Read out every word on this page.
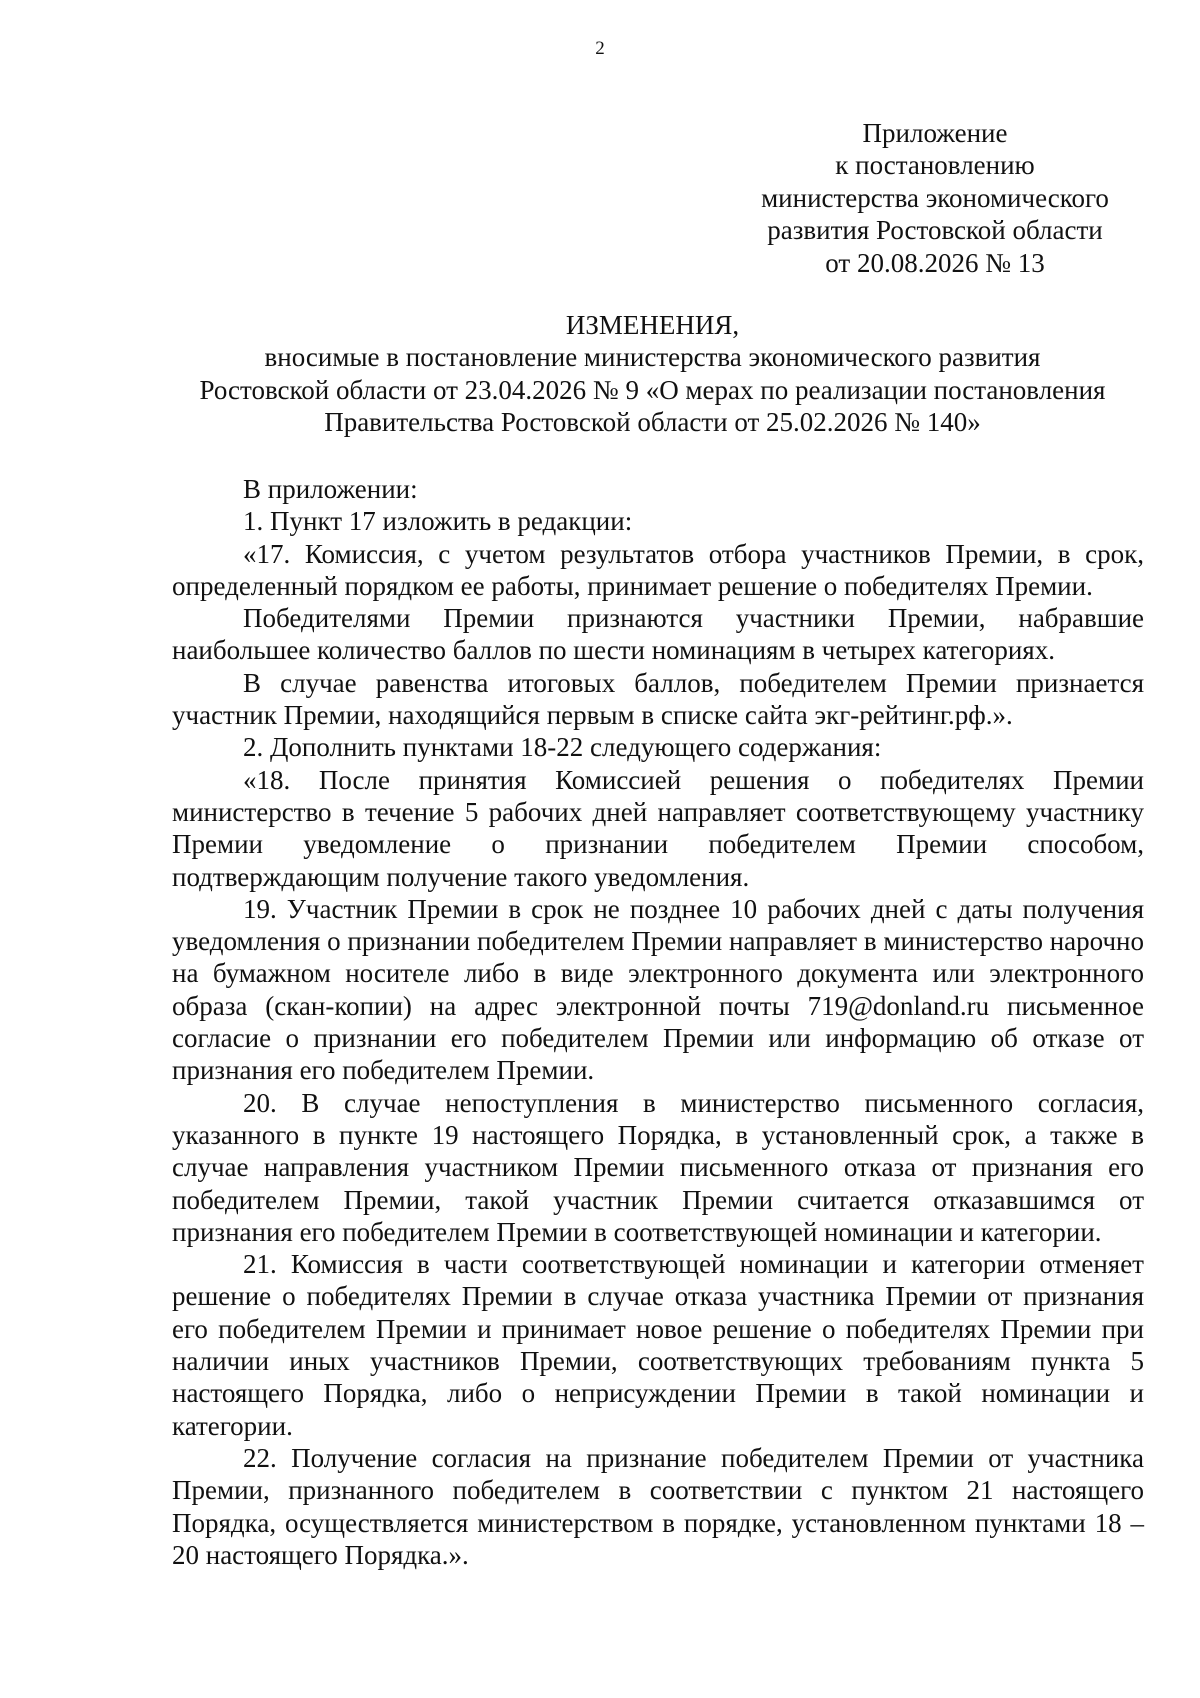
2
Приложение
к постановлению
министерства экономического
развития Ростовской области
от 20.08.2026 № 13
ИЗМЕНЕНИЯ,
вносимые в постановление министерства экономического развития
Ростовской области от 23.04.2026 № 9 «О мерах по реализации постановления
Правительства Ростовской области от 25.02.2026 № 140»

В приложении:

1. Пункт 17 изложить в редакции:

«17. Комиссия, с учетом результатов отбора участников Премии, в срок, определенный порядком ее работы, принимает решение о победителях Премии.

Победителями Премии признаются участники Премии, набравшие наибольшее количество баллов по шести номинациям в четырех категориях.

В случае равенства итоговых баллов, победителем Премии признается участник Премии, находящийся первым в списке сайта экг-рейтинг.рф.».

2. Дополнить пунктами 18-22 следующего содержания:

«18. После принятия Комиссией решения о победителях Премии министерство в течение 5 рабочих дней направляет соответствующему участнику Премии уведомление о признании победителем Премии способом, подтверждающим получение такого уведомления.

19. Участник Премии в срок не позднее 10 рабочих дней с даты получения уведомления о признании победителем Премии направляет в министерство нарочно на бумажном носителе либо в виде электронного документа или электронного образа (скан-копии) на адрес электронной почты 719@donland.ru письменное согласие о признании его победителем Премии или информацию об отказе от признания его победителем Премии.

20. В случае непоступления в министерство письменного согласия, указанного в пункте 19 настоящего Порядка, в установленный срок, а также в случае направления участником Премии письменного отказа от признания его победителем Премии, такой участник Премии считается отказавшимся от признания его победителем Премии в соответствующей номинации и категории.

21. Комиссия в части соответствующей номинации и категории отменяет решение о победителях Премии в случае отказа участника Премии от признания его победителем Премии и принимает новое решение о победителях Премии при наличии иных участников Премии, соответствующих требованиям пункта 5 настоящего Порядка, либо о неприсуждении Премии в такой номинации и категории.

22. Получение согласия на признание победителем Премии от участника Премии, признанного победителем в соответствии с пунктом 21 настоящего Порядка, осуществляется министерством в порядке, установленном пунктами 18 – 20 настоящего Порядка.».
